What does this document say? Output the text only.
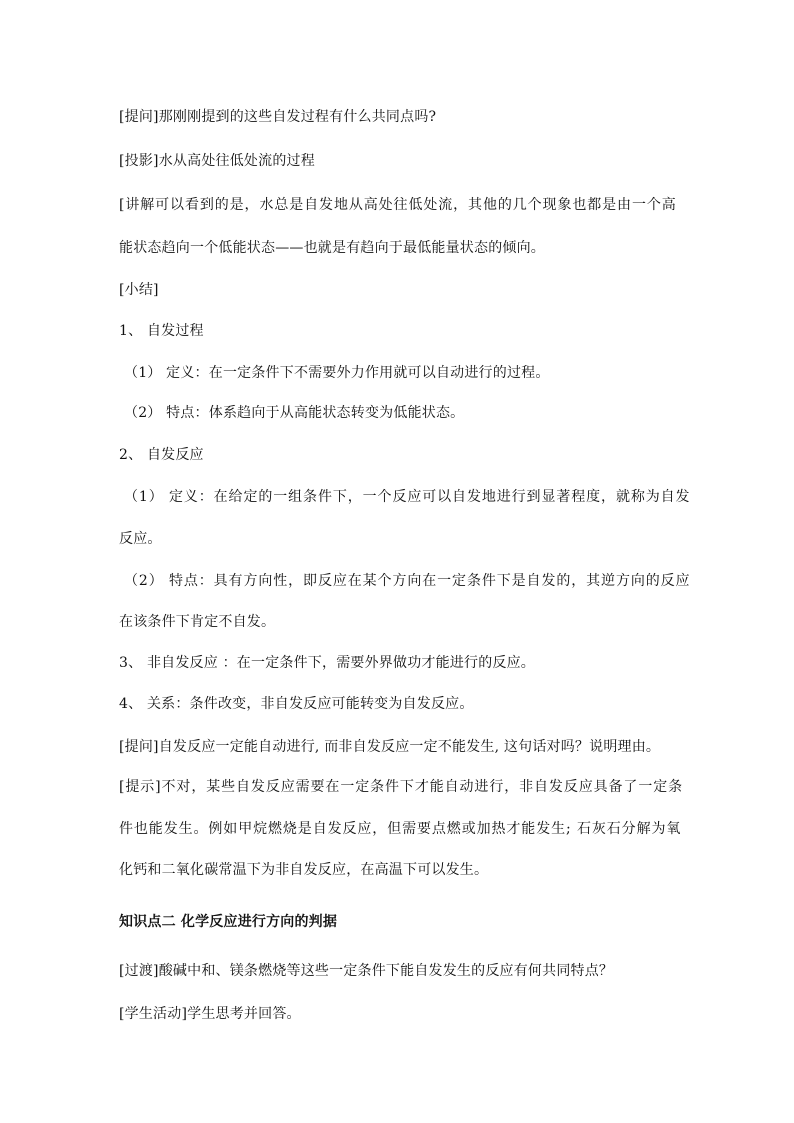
[提问]那刚刚提到的这些自发过程有什么共同点吗?
[投影]水从高处往低处流的过程
[讲解可以看到的是，水总是自发地从高处往低处流，其他的几个现象也都是由一个高
能状态趋向一个低能状态——也就是有趋向于最低能量状态的倾向。
[小结]
1、 自发过程
（1） 定义：在一定条件下不需要外力作用就可以自动进行的过程。
（2） 特点：体系趋向于从高能状态转变为低能状态。
2、 自发反应
（1） 定义：在给定的一组条件下，一个反应可以自发地进行到显著程度，就称为自发
反应。
（2） 特点：具有方向性，即反应在某个方向在一定条件下是自发的，其逆方向的反应
在该条件下肯定不自发。
3、 非自发反应 ：在一定条件下，需要外界做功才能进行的反应。
4、 关系：条件改变，非自发反应可能转变为自发反应。
[提问]自发反应一定能自动进行, 而非自发反应一定不能发生, 这句话对吗？说明理由。
[提示]不对，某些自发反应需要在一定条件下才能自动进行，非自发反应具备了一定条
件也能发生。例如甲烷燃烧是自发反应，但需要点燃或加热才能发生; 石灰石分解为氧
化钙和二氧化碳常温下为非自发反应，在高温下可以发生。
知识点二 化学反应进行方向的判据
[过渡]酸碱中和、镁条燃烧等这些一定条件下能自发发生的反应有何共同特点？
[学生活动]学生思考并回答。
